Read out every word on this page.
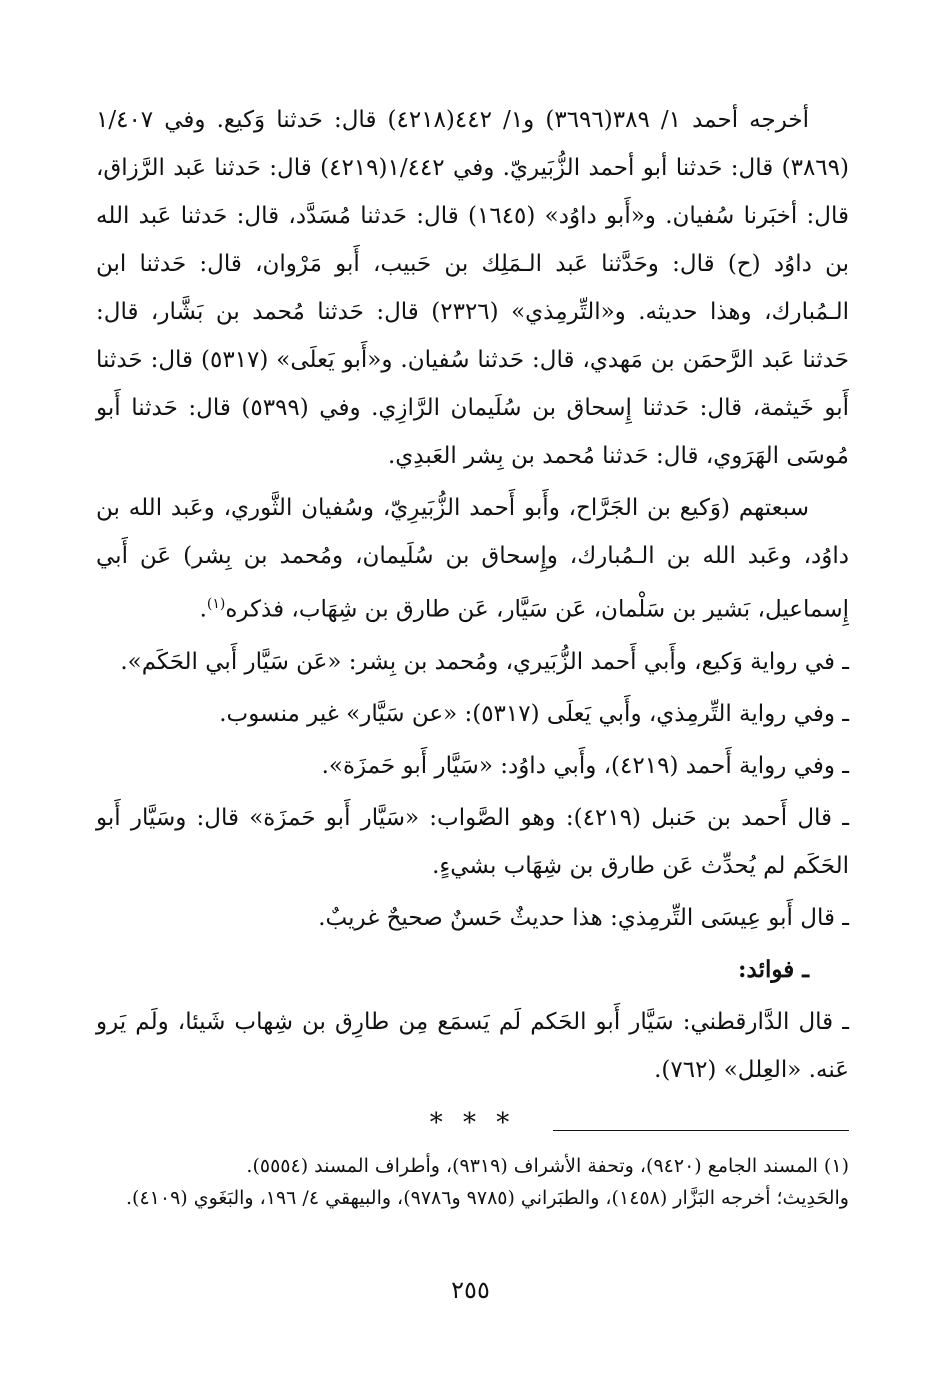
أخرجه أحمد ١/ ٣٨٩(٣٦٩٦) و١/ ٤٤٢(٤٢١٨) قال: حَدثنا وَكيع. وفي ١/٤٠٧ (٣٨٦٩) قال: حَدثنا أبو أحمد الزُّبَيريّ. وفي ١/٤٤٢(٤٢١٩) قال: حَدثنا عَبد الرَّزاق، قال: أخبَرنا سُفيان. و«أَبو داوُد» (١٦٤٥) قال: حَدثنا مُسَدَّد، قال: حَدثنا عَبد الله بن داوُد (ح) قال: وحَدَّثنا عَبد الـمَلِك بن حَبيب، أَبو مَرْوان، قال: حَدثنا ابن الـمُبارك، وهذا حديثه. و«التِّرمِذي» (٢٣٢٦) قال: حَدثنا مُحمد بن بَشَّار، قال: حَدثنا عَبد الرَّحمَن بن مَهدي، قال: حَدثنا سُفيان. و«أَبو يَعلَى» (٥٣١٧) قال: حَدثنا أَبو خَيثمة، قال: حَدثنا إِسحاق بن سُلَيمان الرَّازِي. وفي (٥٣٩٩) قال: حَدثنا أَبو مُوسَى الهَرَوي، قال: حَدثنا مُحمد بن بِشر العَبدِي.

سبعتهم (وَكيع بن الجَرَّاح، وأَبو أَحمد الزُّبَيرِيّ، وسُفيان الثَّوري، وعَبد الله بن داوُد، وعَبد الله بن الـمُبارك، وإِسحاق بن سُلَيمان، ومُحمد بن بِشر) عَن أَبي إِسماعيل، بَشير بن سَلْمان، عَن سَيَّار، عَن طارق بن شِهَاب، فذكره$^{(١)}$.

ـ في رواية وَكيع، وأَبي أَحمد الزُّبَيري، ومُحمد بن بِشر: «عَن سَيَّار أَبي الحَكَم».

ـ وفي رواية التِّرمِذي، وأَبي يَعلَى (٥٣١٧): «عن سَيَّار» غير منسوب.

ـ وفي رواية أَحمد (٤٢١٩)، وأَبي داوُد: «سَيَّار أَبو حَمزَة».

ـ قال أَحمد بن حَنبل (٤٢١٩): وهو الصَّواب: «سَيَّار أَبو حَمزَة» قال: وسَيَّار أَبو الحَكَم لم يُحدِّث عَن طارق بن شِهَاب بشيءٍ.

ـ قال أَبو عِيسَى التِّرمِذي: هذا حديثٌ حَسنٌ صحيحٌ غريبٌ.

ـ فوائد:

ـ قال الدَّارقطني: سَيَّار أَبو الحَكم لَم يَسمَع مِن طارِق بن شِهاب شَيئا، ولَم يَرو عَنه. «العِلل» (٧٦٢).

* * *

(١) المسند الجامع (٩٤٢٠)، وتحفة الأشراف (٩٣١٩)، وأطراف المسند (٥٥٥٤).

والحَدِيث؛ أخرجه البَزَّار (١٤٥٨)، والطبَراني (٩٧٨٥ و٩٧٨٦)، والبيهقي ٤/ ١٩٦، والبَغَوي (٤١٠٩).

٢٥٥
